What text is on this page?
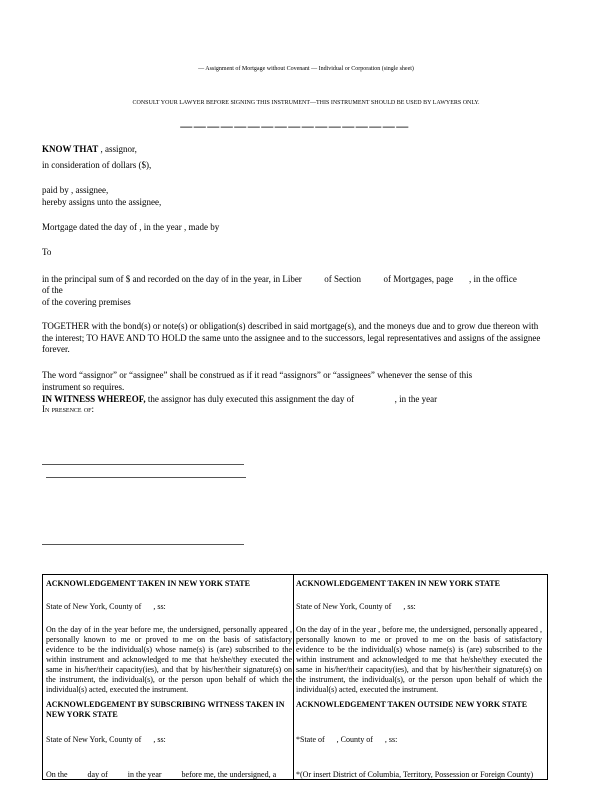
— Assignment of Mortgage without Covenant — Individual or Corporation (single sheet)
CONSULT YOUR LAWYER BEFORE SIGNING THIS INSTRUMENT—THIS INSTRUMENT SHOULD BE USED BY LAWYERS ONLY.
—————————————————
KNOW THAT , assignor,
in consideration of dollars ($),
paid by , assignee,
hereby assigns unto the assignee,
Mortgage dated the day of , in the year , made by
To
in the principal sum of $ and recorded on the day of in the year, in Liber          of Section          of Mortgages, page       , in the office
of the
of the covering premises
TOGETHER with the bond(s) or note(s) or obligation(s) described in said mortgage(s), and the moneys due and to grow due thereon with the interest; TO HAVE AND TO HOLD the same unto the assignee and to the successors, legal representatives and assigns of the assignee forever.
The word “assignor” or “assignee” shall be construed as if it read “assignors” or “assignees” whenever the sense of this instrument so requires.
IN WITNESS WHEREOF, the assignor has duly executed this assignment the day of                  , in the year
In presence of:
ACKNOWLEDGEMENT TAKEN IN NEW YORK STATE
State of New York, County of      , ss:
On the day of in the year before me, the undersigned, personally appeared , personally known to me or proved to me on the basis of satisfactory evidence to be the individual(s) whose name(s) is (are) subscribed to the within instrument and acknowledged to me that he/she/they executed the same in his/her/their capacity(ies), and that by his/her/their signature(s) on the instrument, the individual(s), or the person upon behalf of which the individual(s) acted, executed the instrument.
ACKNOWLEDGEMENT BY SUBSCRIBING WITNESS TAKEN IN NEW YORK STATE
State of New York, County of      , ss:
On the          day of          in the year          before me, the undersigned, a
ACKNOWLEDGEMENT TAKEN IN NEW YORK STATE
State of New York, County of      , ss:
On the day of in the year , before me, the undersigned, personally appeared , personally known to me or proved to me on the basis of satisfactory evidence to be the individual(s) whose name(s) is (are) subscribed to the within instrument and acknowledged to me that he/she/they executed the same in his/her/their capacity(ies), and that by his/her/their signature(s) on the instrument, the individual(s), or the person upon behalf of which the individual(s) acted, executed the instrument.
ACKNOWLEDGEMENT TAKEN OUTSIDE NEW YORK STATE
*State of      , County of      , ss:
*(Or insert District of Columbia, Territory, Possession or Foreign County)
